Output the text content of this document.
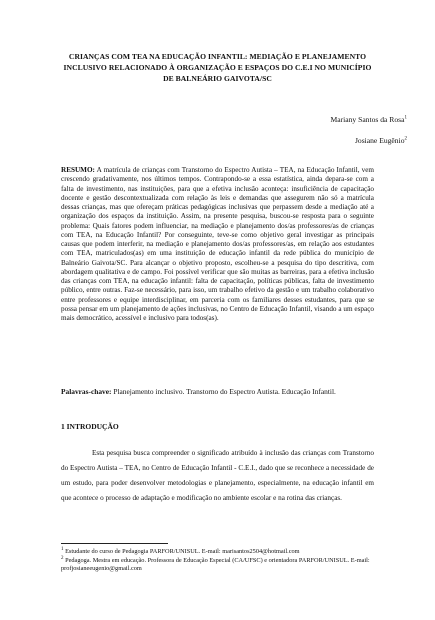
CRIANÇAS COM TEA NA EDUCAÇÃO INFANTIL: MEDIAÇÃO E PLANEJAMENTO INCLUSIVO RELACIONADO À ORGANIZAÇÃO E ESPAÇOS DO C.E.I NO MUNICÍPIO DE BALNEÁRIO GAIVOTA/SC
Mariany Santos da Rosa$^1$
Josiane Eugênio$^2$
RESUMO: A matrícula de crianças com Transtorno do Espectro Autista – TEA, na Educação Infantil, vem crescendo gradativamente, nos últimos tempos. Contrapondo-se a essa estatística, ainda depara-se com a falta de investimento, nas instituições, para que a efetiva inclusão aconteça: insuficiência de capacitação docente e gestão descontextualizada com relação às leis e demandas que assegurem não só a matrícula dessas crianças, mas que ofereçam práticas pedagógicas inclusivas que perpassem desde a mediação até a organização dos espaços da instituição. Assim, na presente pesquisa, buscou-se resposta para o seguinte problema: Quais fatores podem influenciar, na mediação e planejamento dos/as professores/as de crianças com TEA, na Educação Infantil? Por conseguinte, teve-se como objetivo geral investigar as principais causas que podem interferir, na mediação e planejamento dos/as professores/as, em relação aos estudantes com TEA, matriculados(as) em uma instituição de educação infantil da rede pública do município de Balneário Gaivota/SC. Para alcançar o objetivo proposto, escolheu-se a pesquisa do tipo descritiva, com abordagem qualitativa e de campo. Foi possível verificar que são muitas as barreiras, para a efetiva inclusão das crianças com TEA, na educação infantil: falta de capacitação, políticas públicas, falta de investimento público, entre outras. Faz-se necessário, para isso, um trabalho efetivo da gestão e um trabalho colaborativo entre professores e equipe interdisciplinar, em parceria com os familiares desses estudantes, para que se possa pensar em um planejamento de ações inclusivas, no Centro de Educação Infantil, visando a um espaço mais democrático, acessível e inclusivo para todos(as).
Palavras-chave: Planejamento inclusivo. Transtorno do Espectro Autista. Educação Infantil.
1 INTRODUÇÃO
Esta pesquisa busca compreender o significado atribuído à inclusão das crianças com Transtorno do Espectro Autista – TEA, no Centro de Educação Infantil - C.E.I., dado que se reconhece a necessidade de um estudo, para poder desenvolver metodologias e planejamento, especialmente, na educação infantil em que acontece o processo de adaptação e modificação no ambiente escolar e na rotina das crianças.
$^1$ Estudante do curso de Pedagogia PARFOR/UNISUL. E-mail: marisantos2504@hotmail.com
$^2$ Pedagoga. Mestra em educação. Professora de Educação Especial (CA/UFSC) e orientadora PARFOR/UNISUL. E-mail: profjosianeeugenio@gmail.com
